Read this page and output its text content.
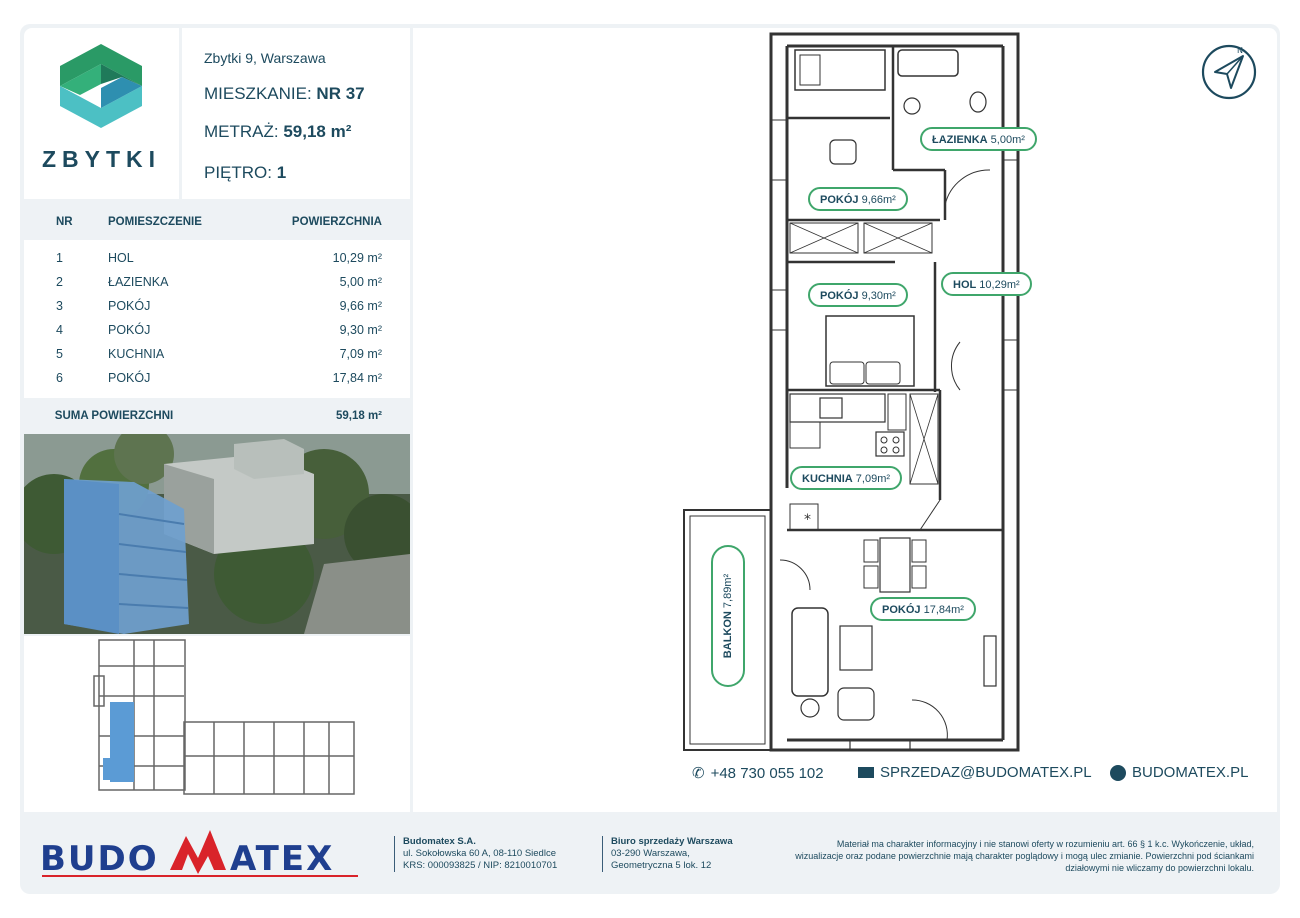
ZBYTKI
Zbytki 9, Warszawa
MIESZKANIE: NR 37
METRAŻ: 59,18 m²
PIĘTRO: 1
NR	POMIESZCZENIE	POWIERZCHNIA
1	HOL	10,29 m²
2	ŁAZIENKA	5,00 m²
3	POKÓJ	9,66 m²
4	POKÓJ	9,30 m²
5	KUCHNIA	7,09 m²
6	POKÓJ	17,84 m²
SUMA POWIERZCHNI	59,18 m²
*
ŁAZIENKA 5,00m²
POKÓJ 9,66m²
HOL 10,29m²
POKÓJ 9,30m²
KUCHNIA 7,09m²
POKÓJ 17,84m²
BALKON 7,89m²
N
✆ +48 730 055 102	SPRZEDAZ@BUDOMATEX.PL	BUDOMATEX.PL
BUDO ATEX	Budomatex S.A.
ul. Sokołowska 60 A, 08-110 Siedlce
KRS: 000093825 / NIP: 8210010701
Biuro sprzedaży Warszawa
03-290 Warszawa,
Geometryczna 5 lok. 12
Materiał ma charakter informacyjny i nie stanowi oferty w rozumieniu art. 66 § 1 k.c. Wykończenie, układ, wizualizacje oraz podane powierzchnie mają charakter poglądowy i mogą ulec zmianie. Powierzchni pod ściankami działowymi nie wliczamy do powierzchni lokalu.
